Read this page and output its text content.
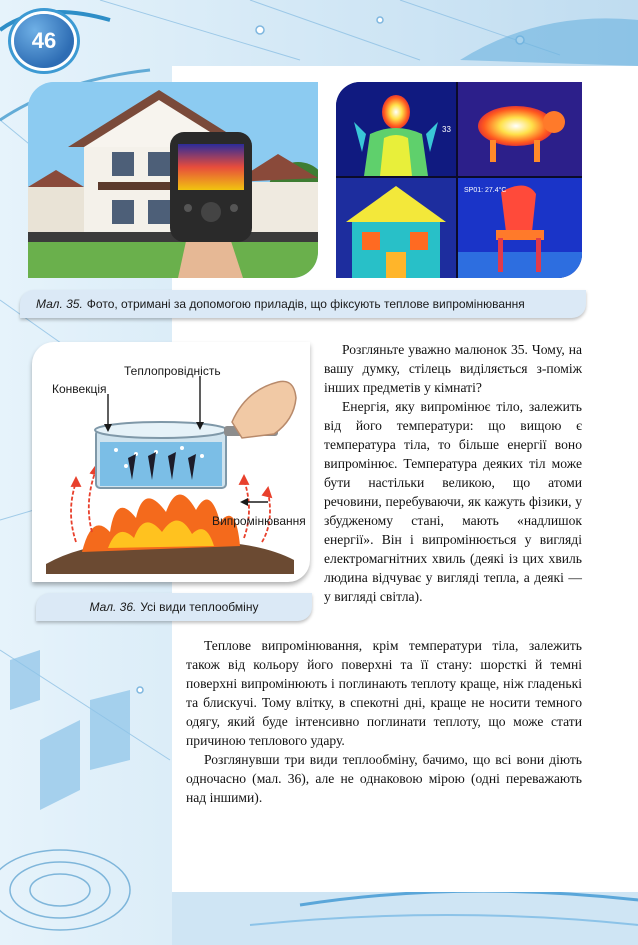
46
33
SP01: 27.4°C
Мал. 35. Фото, отримані за допомогою приладів, що фіксують теплове випромінювання
Теплопровідність
Конвекція
Випромінювання
Мал. 36. Усі види теплообміну

Розгляньте уважно малюнок 35. Чому, на вашу думку, стілець виділяється з-поміж інших предметів у кімнаті?

Енергія, яку випромінює тіло, залежить від його температури: що вищою є температура тіла, то більше енергії воно випромінює. Температура деяких тіл може бути настільки великою, що атоми речовини, перебуваючи, як кажуть фізики, у збудженому стані, мають «надлишок енергії». Він і випромінюється у вигляді електромагнітних хвиль (деякі із цих хвиль людина відчуває у вигляді тепла, а деякі — у вигляді світла).

Теплове випромінювання, крім температури тіла, залежить також від кольору його поверхні та її стану: шорсткі й темні поверхні випромінюють і поглинають теплоту краще, ніж гладенькі та блискучі. Тому влітку, в спекотні дні, краще не носити темного одягу, який буде інтенсивно поглинати теплоту, що може стати причиною теплового удару.

Розглянувши три види теплообміну, бачимо, що всі вони діють одночасно (мал. 36), але не однаковою мірою (одні переважають над іншими).
